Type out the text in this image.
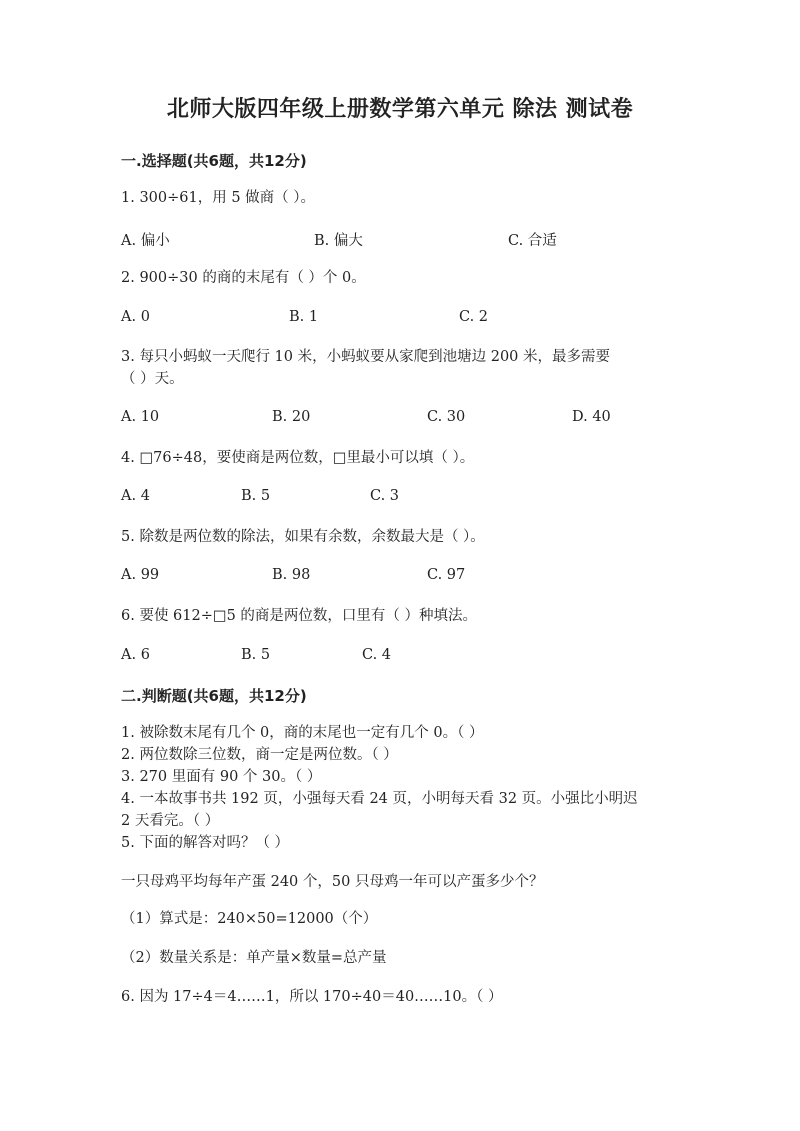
北师大版四年级上册数学第六单元 除法 测试卷
一.选择题(共6题，共12分)
1. 300÷61，用 5 做商（ ）。
A. 偏小	B. 偏大	C. 合适
2. 900÷30 的商的末尾有（ ）个 0。
A. 0	B. 1	C. 2
3. 每只小蚂蚁一天爬行 10 米，小蚂蚁要从家爬到池塘边 200 米，最多需要
（ ）天。
A. 10	B. 20	C. 30	D. 40
4. □76÷48，要使商是两位数，□里最小可以填（ ）。
A. 4	B. 5	C. 3
5. 除数是两位数的除法，如果有余数，余数最大是（ ）。
A. 99	B. 98	C. 97
6. 要使 612÷□5 的商是两位数，口里有（ ）种填法。
A. 6	B. 5	C. 4
二.判断题(共6题，共12分)
1. 被除数末尾有几个 0，商的末尾也一定有几个 0。（ ）
2. 两位数除三位数，商一定是两位数。（ ）
3. 270 里面有 90 个 30。（ ）
4. 一本故事书共 192 页，小强每天看 24 页，小明每天看 32 页。小强比小明迟
2 天看完。（ ）
5. 下面的解答对吗？（ ）
一只母鸡平均每年产蛋 240 个，50 只母鸡一年可以产蛋多少个？
（1）算式是：240×50=12000（个）
（2）数量关系是：单产量×数量=总产量
6. 因为 17÷4＝4……1，所以 170÷40＝40……10。（ ）
